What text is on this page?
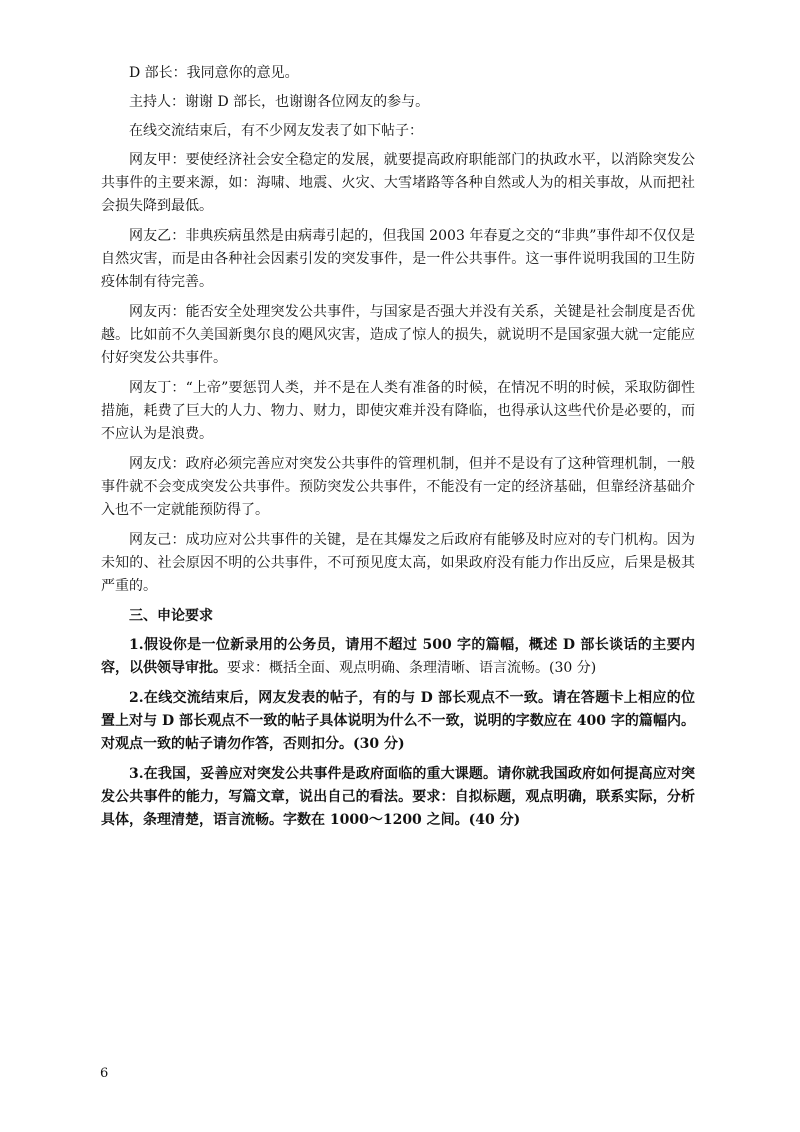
D 部长：我同意你的意见。

主持人：谢谢 D 部长，也谢谢各位网友的参与。

在线交流结束后，有不少网友发表了如下帖子：

网友甲：要使经济社会安全稳定的发展，就要提高政府职能部门的执政水平，以消除突发公共事件的主要来源，如：海啸、地震、火灾、大雪堵路等各种自然或人为的相关事故，从而把社会损失降到最低。

网友乙：非典疾病虽然是由病毒引起的，但我国 2003 年春夏之交的“非典”事件却不仅仅是自然灾害，而是由各种社会因素引发的突发事件，是一件公共事件。这一事件说明我国的卫生防疫体制有待完善。

网友丙：能否安全处理突发公共事件，与国家是否强大并没有关系，关键是社会制度是否优越。比如前不久美国新奥尔良的飓风灾害，造成了惊人的损失，就说明不是国家强大就一定能应付好突发公共事件。

网友丁：“上帝”要惩罚人类，并不是在人类有准备的时候，在情况不明的时候，采取防御性措施，耗费了巨大的人力、物力、财力，即使灾难并没有降临，也得承认这些代价是必要的，而不应认为是浪费。

网友戊：政府必须完善应对突发公共事件的管理机制，但并不是设有了这种管理机制，一般事件就不会变成突发公共事件。预防突发公共事件，不能没有一定的经济基础，但靠经济基础介入也不一定就能预防得了。

网友己：成功应对公共事件的关键，是在其爆发之后政府有能够及时应对的专门机构。因为未知的、社会原因不明的公共事件，不可预见度太高，如果政府没有能力作出反应，后果是极其严重的。

三、申论要求

1.假设你是一位新录用的公务员，请用不超过 500 字的篇幅，概述 D 部长谈话的主要内容，以供领导审批。要求：概括全面、观点明确、条理清晰、语言流畅。(30 分)

2.在线交流结束后，网友发表的帖子，有的与 D 部长观点不一致。请在答题卡上相应的位置上对与 D 部长观点不一致的帖子具体说明为什么不一致，说明的字数应在 400 字的篇幅内。对观点一致的帖子请勿作答，否则扣分。(30 分)

3.在我国，妥善应对突发公共事件是政府面临的重大课题。请你就我国政府如何提高应对突发公共事件的能力，写篇文章，说出自己的看法。要求：自拟标题，观点明确，联系实际，分析具体，条理清楚，语言流畅。字数在 1000～1200 之间。(40 分)

6
